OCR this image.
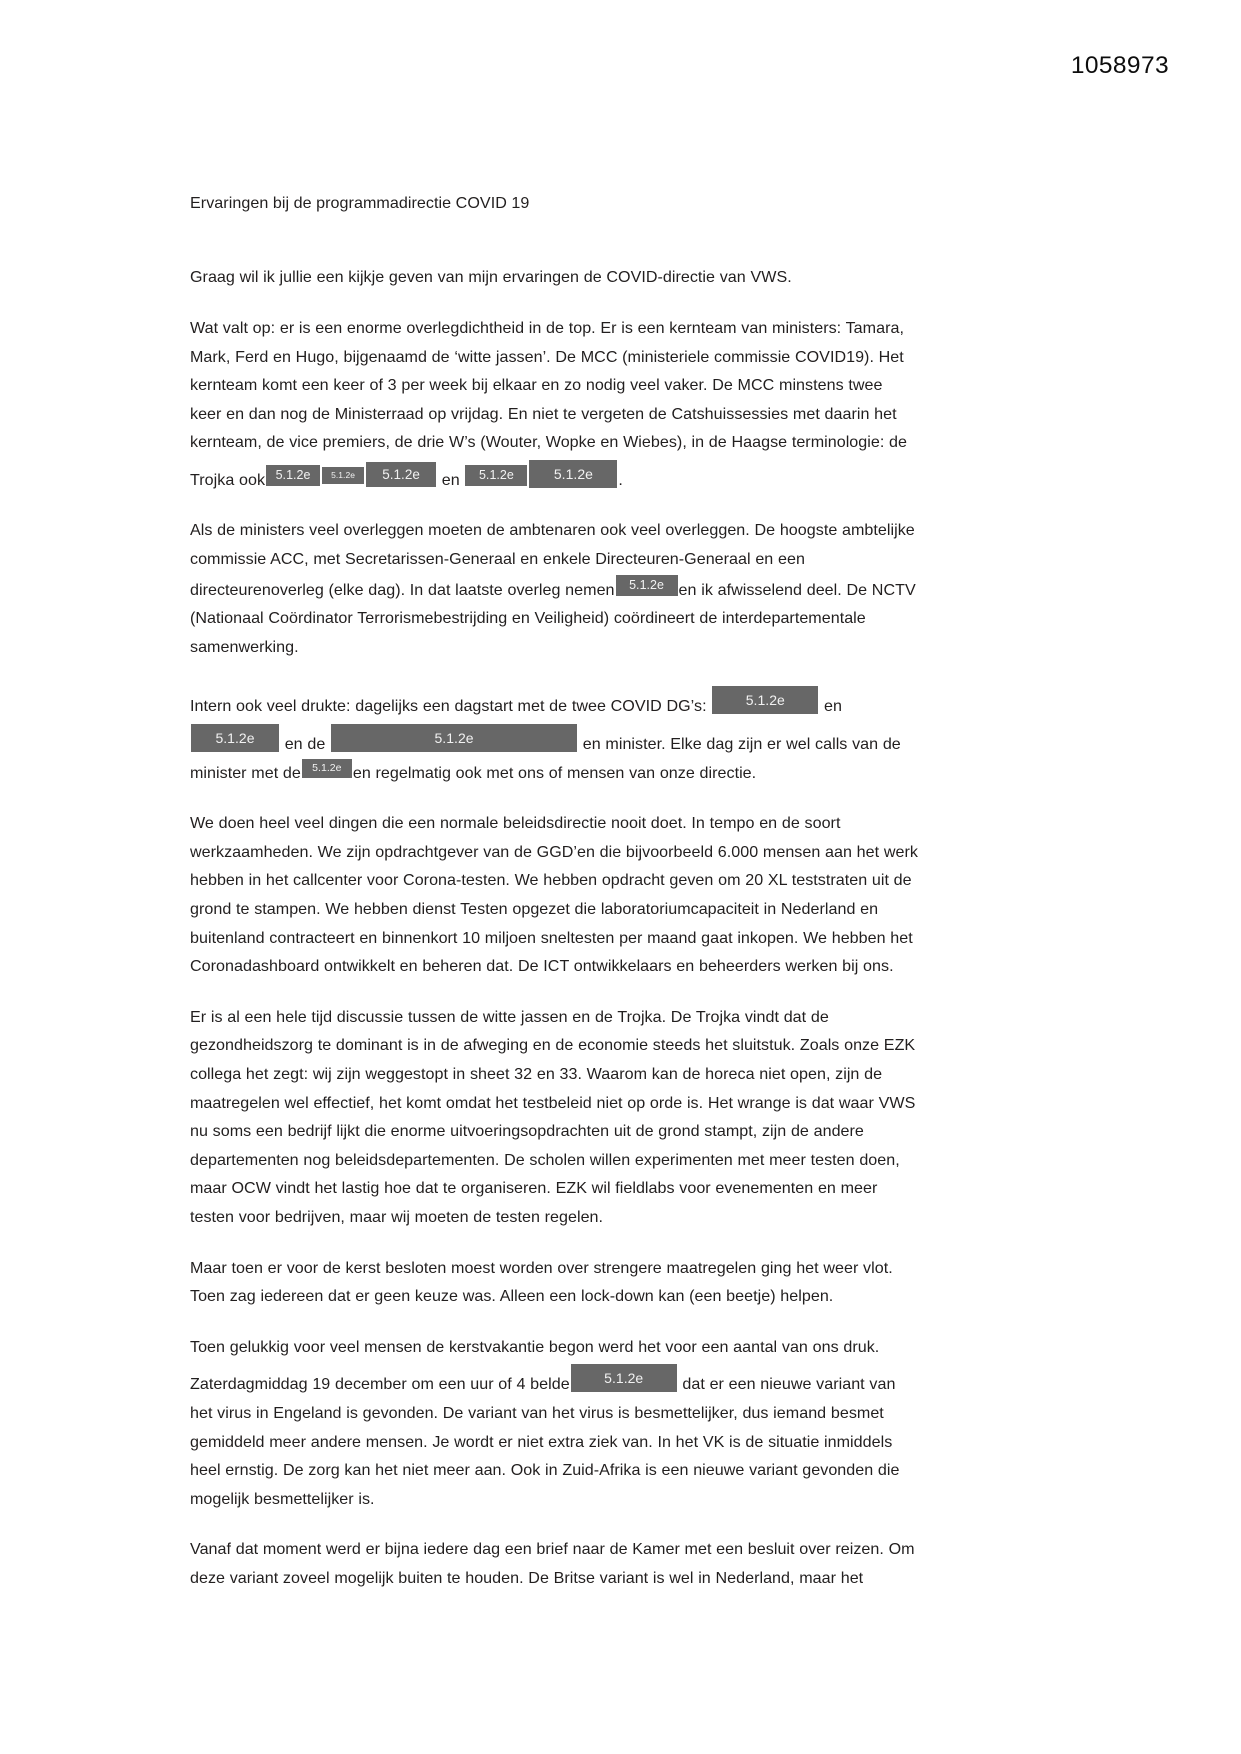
1058973
Ervaringen bij de programmadirectie COVID 19

Graag wil ik jullie een kijkje geven van mijn ervaringen de COVID-directie van VWS.

Wat valt op: er is een enorme overlegdichtheid in de top. Er is een kernteam van ministers: Tamara, Mark, Ferd en Hugo, bijgenaamd de ‘witte jassen’. De MCC (ministeriele commissie COVID19). Het kernteam komt een keer of 3 per week bij elkaar en zo nodig veel vaker. De MCC minstens twee keer en dan nog de Ministerraad op vrijdag. En niet te vergeten de Catshuissessies met daarin het kernteam, de vice premiers, de drie W’s (Wouter, Wopke en Wiebes), in de Haagse terminologie: de Trojka ook 5.1.2e 5.1.2e 5.1.2e en 5.1.2e	5.1.2e .

Als de ministers veel overleggen moeten de ambtenaren ook veel overleggen. De hoogste ambtelijke commissie ACC, met Secretarissen-Generaal en enkele Directeuren-Generaal en een directeurenoverleg (elke dag). In dat laatste overleg nemen 5.1.2e en ik afwisselend deel. De NCTV (Nationaal Coördinator Terrorismebestrijding en Veiligheid) coördineert de interdepartementale samenwerking.

Intern ook veel drukte: dagelijks een dagstart met de twee COVID DG’s:	5.1.2e en 5.1.2e en de	5.1.2e	en minister. Elke dag zijn er wel calls van de minister met de 5.1.2e en regelmatig ook met ons of mensen van onze directie.

We doen heel veel dingen die een normale beleidsdirectie nooit doet. In tempo en de soort werkzaamheden. We zijn opdrachtgever van de GGD’en die bijvoorbeeld 6.000 mensen aan het werk hebben in het callcenter voor Corona-testen. We hebben opdracht geven om 20 XL teststraten uit de grond te stampen. We hebben dienst Testen opgezet die laboratoriumcapaciteit in Nederland en buitenland contracteert en binnenkort 10 miljoen sneltesten per maand gaat inkopen. We hebben het Coronadashboard ontwikkelt en beheren dat. De ICT ontwikkelaars en beheerders werken bij ons.

Er is al een hele tijd discussie tussen de witte jassen en de Trojka. De Trojka vindt dat de gezondheidszorg te dominant is in de afweging en de economie steeds het sluitstuk. Zoals onze EZK collega het zegt: wij zijn weggestopt in sheet 32 en 33. Waarom kan de horeca niet open, zijn de maatregelen wel effectief, het komt omdat het testbeleid niet op orde is. Het wrange is dat waar VWS nu soms een bedrijf lijkt die enorme uitvoeringsopdrachten uit de grond stampt, zijn de andere departementen nog beleidsdepartementen. De scholen willen experimenten met meer testen doen, maar OCW vindt het lastig hoe dat te organiseren. EZK wil fieldlabs voor evenementen en meer testen voor bedrijven, maar wij moeten de testen regelen.

Maar toen er voor de kerst besloten moest worden over strengere maatregelen ging het weer vlot. Toen zag iedereen dat er geen keuze was. Alleen een lock-down kan (een beetje) helpen.

Toen gelukkig voor veel mensen de kerstvakantie begon werd het voor een aantal van ons druk. Zaterdagmiddag 19 december om een uur of 4 belde 5.1.2e dat er een nieuwe variant van het virus in Engeland is gevonden. De variant van het virus is besmettelijker, dus iemand besmet gemiddeld meer andere mensen. Je wordt er niet extra ziek van. In het VK is de situatie inmiddels heel ernstig. De zorg kan het niet meer aan. Ook in Zuid-Afrika is een nieuwe variant gevonden die mogelijk besmettelijker is.

Vanaf dat moment werd er bijna iedere dag een brief naar de Kamer met een besluit over reizen. Om deze variant zoveel mogelijk buiten te houden. De Britse variant is wel in Nederland, maar het
